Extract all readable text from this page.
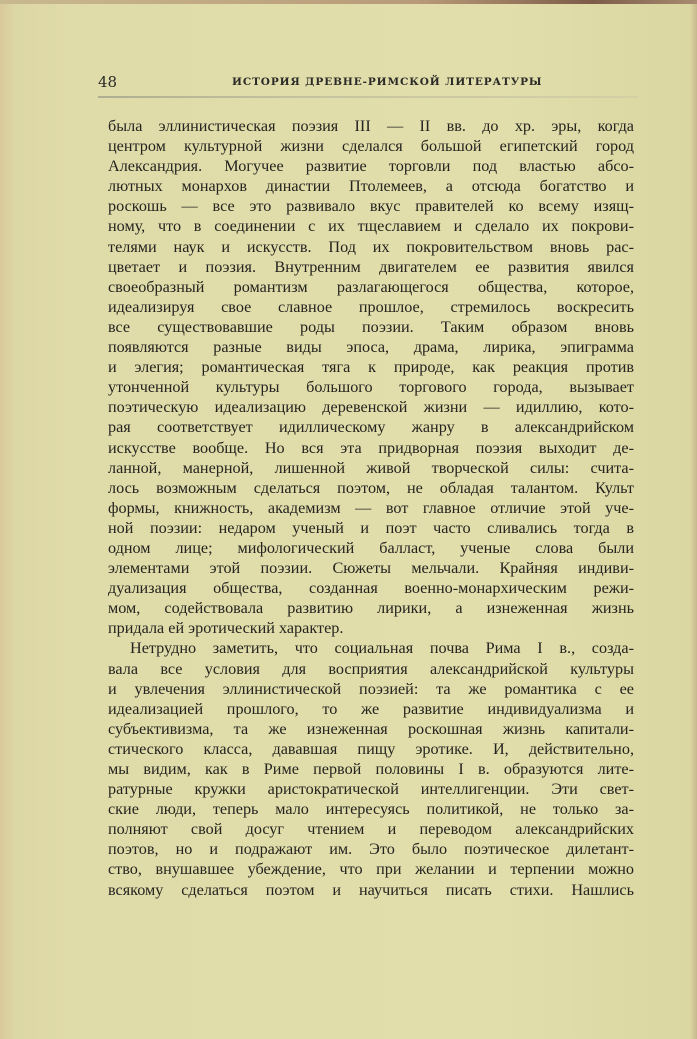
48	ИСТОРИЯ ДРЕВНЕ-РИМСКОЙ ЛИТЕРАТУРЫ
была эллинистическая поэзия III — II вв. до хр. эры, когда
центром культурной жизни сделался большой египетский город
Александрия. Могучее развитие торговли под властью абсо-
лютных монархов династии Птолемеев, а отсюда богатство и
роскошь — все это развивало вкус правителей ко всему изящ-
ному, что в соединении с их тщеславием и сделало их покрови-
телями наук и искусств. Под их покровительством вновь рас-
цветает и поэзия. Внутренним двигателем ее развития явился
своеобразный романтизм разлагающегося общества, которое,
идеализируя свое славное прошлое, стремилось воскресить
все существовавшие роды поэзии. Таким образом вновь
появляются разные виды эпоса, драма, лирика, эпиграмма
и элегия; романтическая тяга к природе, как реакция против
утонченной культуры большого торгового города, вызывает
поэтическую идеализацию деревенской жизни — идиллию, кото-
рая соответствует идиллическому жанру в александрийском
искусстве вообще. Но вся эта придворная поэзия выходит де-
ланной, манерной, лишенной живой творческой силы: счита-
лось возможным сделаться поэтом, не обладая талантом. Культ
формы, книжность, академизм — вот главное отличие этой уче-
ной поэзии: недаром ученый и поэт часто сливались тогда в
одном лице; мифологический балласт, ученые слова были
элементами этой поэзии. Сюжеты мельчали. Крайняя индиви-
дуализация общества, созданная военно-монархическим режи-
мом, содействовала развитию лирики, а изнеженная жизнь
придала ей эротический характер.
Нетрудно заметить, что социальная почва Рима I в., созда-
вала все условия для восприятия александрийской культуры
и увлечения эллинистической поэзией: та же романтика с ее
идеализацией прошлого, то же развитие индивидуализма и
субъективизма, та же изнеженная роскошная жизнь капитали-
стического класса, дававшая пищу эротике. И, действительно,
мы видим, как в Риме первой половины I в. образуются лите-
ратурные кружки аристократической интеллигенции. Эти свет-
ские люди, теперь мало интересуясь политикой, не только за-
полняют свой досуг чтением и переводом александрийских
поэтов, но и подражают им. Это было поэтическое дилетант-
ство, внушавшее убеждение, что при желании и терпении можно
всякому сделаться поэтом и научиться писать стихи. Нашлись
